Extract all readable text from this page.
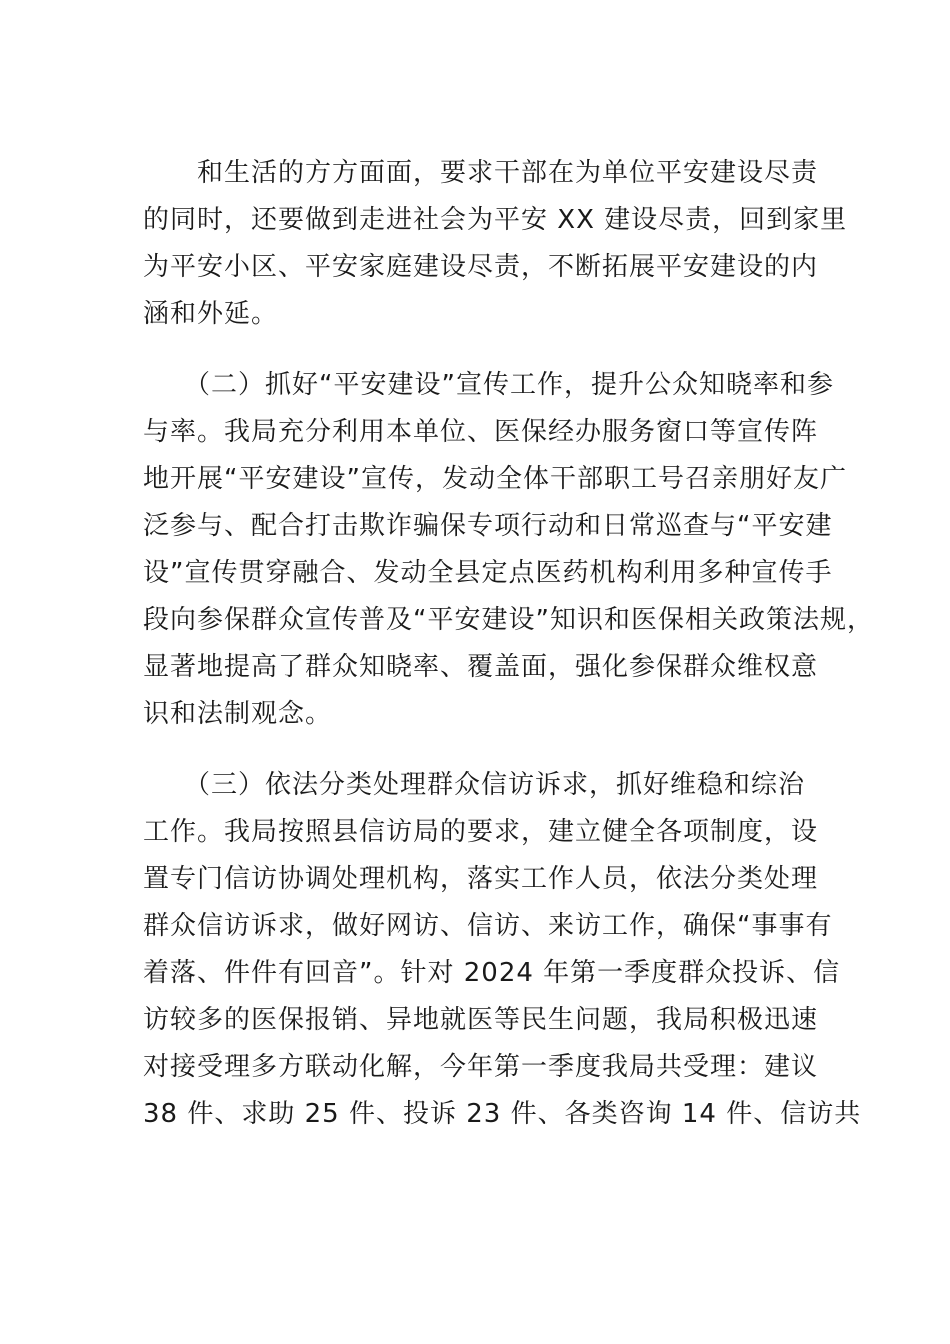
　　和生活的方方面面，要求干部在为单位平安建设尽责
的同时，还要做到走进社会为平安 XX 建设尽责，回到家里
为平安小区、平安家庭建设尽责，不断拓展平安建设的内
涵和外延。
　　（二）抓好“平安建设”宣传工作，提升公众知晓率和参
与率。我局充分利用本单位、医保经办服务窗口等宣传阵
地开展“平安建设”宣传，发动全体干部职工号召亲朋好友广
泛参与、配合打击欺诈骗保专项行动和日常巡查与“平安建
设”宣传贯穿融合、发动全县定点医药机构利用多种宣传手
段向参保群众宣传普及“平安建设”知识和医保相关政策法规，
显著地提高了群众知晓率、覆盖面，强化参保群众维权意
识和法制观念。
　　（三）依法分类处理群众信访诉求，抓好维稳和综治
工作。我局按照县信访局的要求，建立健全各项制度，设
置专门信访协调处理机构，落实工作人员，依法分类处理
群众信访诉求，做好网访、信访、来访工作，确保“事事有
着落、件件有回音”。针对 2024 年第一季度群众投诉、信
访较多的医保报销、异地就医等民生问题，我局积极迅速
对接受理多方联动化解，今年第一季度我局共受理：建议
38 件、求助 25 件、投诉 23 件、各类咨询 14 件、信访共
